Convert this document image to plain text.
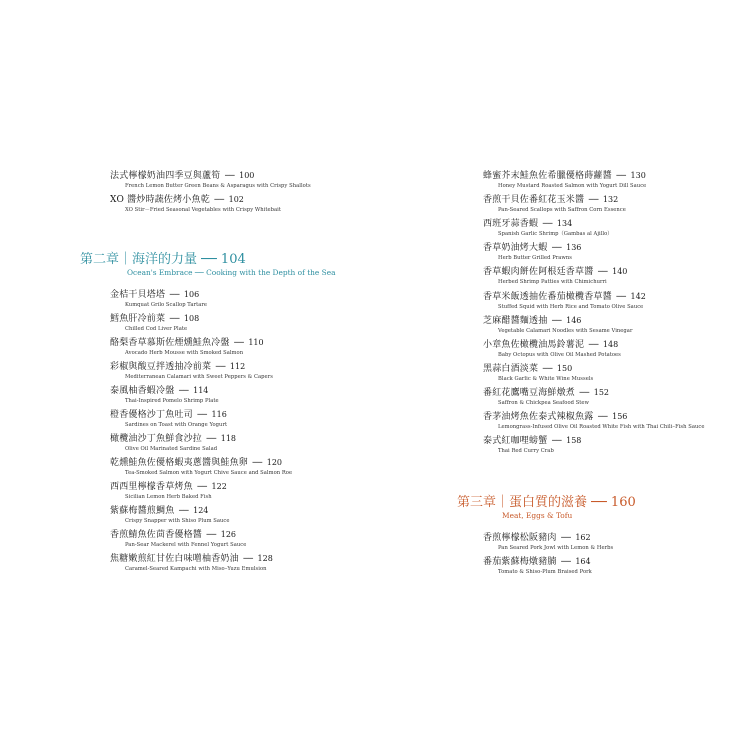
法式檸檬奶油四季豆與蘆筍 ── 100
French Lemon Butter Green Beans & Asparagus with Crispy Shallots
XO 醬炒時蔬佐烤小魚乾 ── 102
XO Stir－Fried Seasonal Vegetables with Crispy Whitebait
第二章｜海洋的力量 ── 104
Ocean's Embrace ── Cooking with the Depth of the Sea
金桔干貝塔塔 ── 106
Kumquat Grilo Scallop Tartare
鱈魚肝冷前菜 ── 108
Chilled Cod Liver Plate
酪梨香草慕斯佐煙燻鮭魚冷盤 ── 110
Avocado Herb Mousse with Smoked Salmon
彩椒與酸豆拌透抽冷前菜 ── 112
Mediterranean Calamari with Sweet Peppers & Capers
泰風柚香蝦冷盤 ── 114
Thai-Inspired Pomelo Shrimp Plate
橙香優格沙丁魚吐司 ── 116
Sardines on Toast with Orange Yogurt
橄欖油沙丁魚鮮食沙拉 ── 118
Olive Oil Marinated Sardine Salad
乾燻鮭魚佐優格蝦夷蔥醬與鮭魚卵 ── 120
Tea-Smoked Salmon with Yogurt Chive Sauce and Salmon Roe
西西里檸檬香草烤魚 ── 122
Sicilian Lemon Herb Baked Fish
紫蘇梅醬煎鯛魚 ── 124
Crispy Snapper with Shiso Plum Sauce
香煎鯖魚佐茴香優格醬 ── 126
Pan-Sear Mackerel with Fennel Yogurt Sauce
焦糖嫩煎紅甘佐白味噌柚香奶油 ── 128
Caramel-Seared Kampachi with Miso–Yuzu Emulsion
蜂蜜芥末鮭魚佐希臘優格蒔蘿醬 ── 130
Honey Mustard Roasted Salmon with Yogurt Dill Sauce
香煎干貝佐番紅花玉米醬 ── 132
Pan-Seared Scallops with Saffron Corn Essence
西班牙蒜香蝦 ── 134
Spanish Garlic Shrimp（Gambas al Ajillo）
香草奶油烤大蝦 ── 136
Herb Butter Grilled Prawns
香草蝦肉餅佐阿根廷香草醬 ── 140
Herbed Shrimp Patties with Chimichurri
香草米飯透抽佐番茄橄欖香草醬 ── 142
Stuffed Squid with Herb Rice and Tomato Olive Sauce
芝麻醋醬麵透抽 ── 146
Vegetable Calamari Noodles with Sesame Vinegar
小章魚佐橄欖油馬鈴薯泥 ── 148
Baby Octopus with Olive Oil Mashed Potatoes
黑蒜白酒淡菜 ── 150
Black Garlic & White Wine Mussels
番紅花鷹嘴豆海鮮燉煮 ── 152
Saffron & Chickpea Seafood Stew
香茅油烤魚佐泰式辣椒魚露 ── 156
Lemongrass-Infused Olive Oil Roasted White Fish with Thai Chili–Fish Sauce
泰式紅咖哩螃蟹 ── 158
Thai Red Curry Crab
第三章｜蛋白質的滋養 ── 160
Meat, Eggs & Tofu
香煎檸檬松阪豬肉 ── 162
Pan Seared Pork Jowl with Lemon & Herbs
番茄紫蘇梅燉豬腩 ── 164
Tomato & Shiso-Plum Braised Pork
